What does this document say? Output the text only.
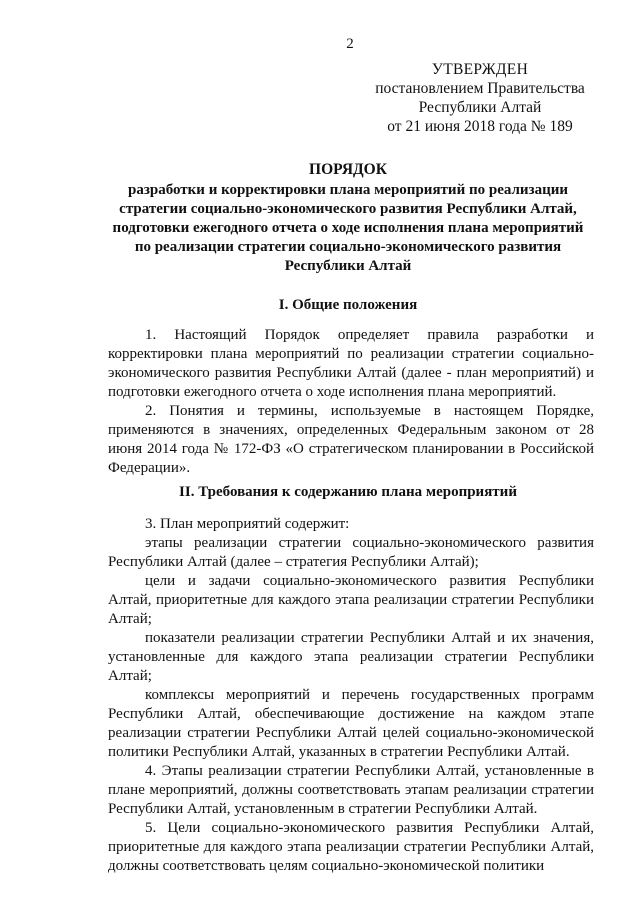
2
УТВЕРЖДЕН
постановлением Правительства
Республики Алтай
от 21 июня 2018 года № 189
ПОРЯДОК
разработки и корректировки плана мероприятий по реализации
стратегии социально-экономического развития Республики Алтай,
подготовки ежегодного отчета о ходе исполнения плана мероприятий
по реализации стратегии социально-экономического развития
Республики Алтай
I. Общие положения

1. Настоящий Порядок определяет правила разработки и корректировки плана мероприятий по реализации стратегии социально-экономического развития Республики Алтай (далее - план мероприятий) и подготовки ежегодного отчета о ходе исполнения плана мероприятий.

2. Понятия и термины, используемые в настоящем Порядке, применяются в значениях, определенных Федеральным законом от 28 июня 2014 года № 172-ФЗ «О стратегическом планировании в Российской Федерации».

II. Требования к содержанию плана мероприятий

3. План мероприятий содержит:

этапы реализации стратегии социально-экономического развития Республики Алтай (далее – стратегия Республики Алтай);

цели и задачи социально-экономического развития Республики Алтай, приоритетные для каждого этапа реализации стратегии Республики Алтай;

показатели реализации стратегии Республики Алтай и их значения, установленные для каждого этапа реализации стратегии Республики Алтай;

комплексы мероприятий и перечень государственных программ Республики Алтай, обеспечивающие достижение на каждом этапе реализации стратегии Республики Алтай целей социально-экономической политики Республики Алтай, указанных в стратегии Республики Алтай.

4. Этапы реализации стратегии Республики Алтай, установленные в плане мероприятий, должны соответствовать этапам реализации стратегии Республики Алтай, установленным в стратегии Республики Алтай.

5. Цели социально-экономического развития Республики Алтай, приоритетные для каждого этапа реализации стратегии Республики Алтай, должны соответствовать целям социально-экономической политики
